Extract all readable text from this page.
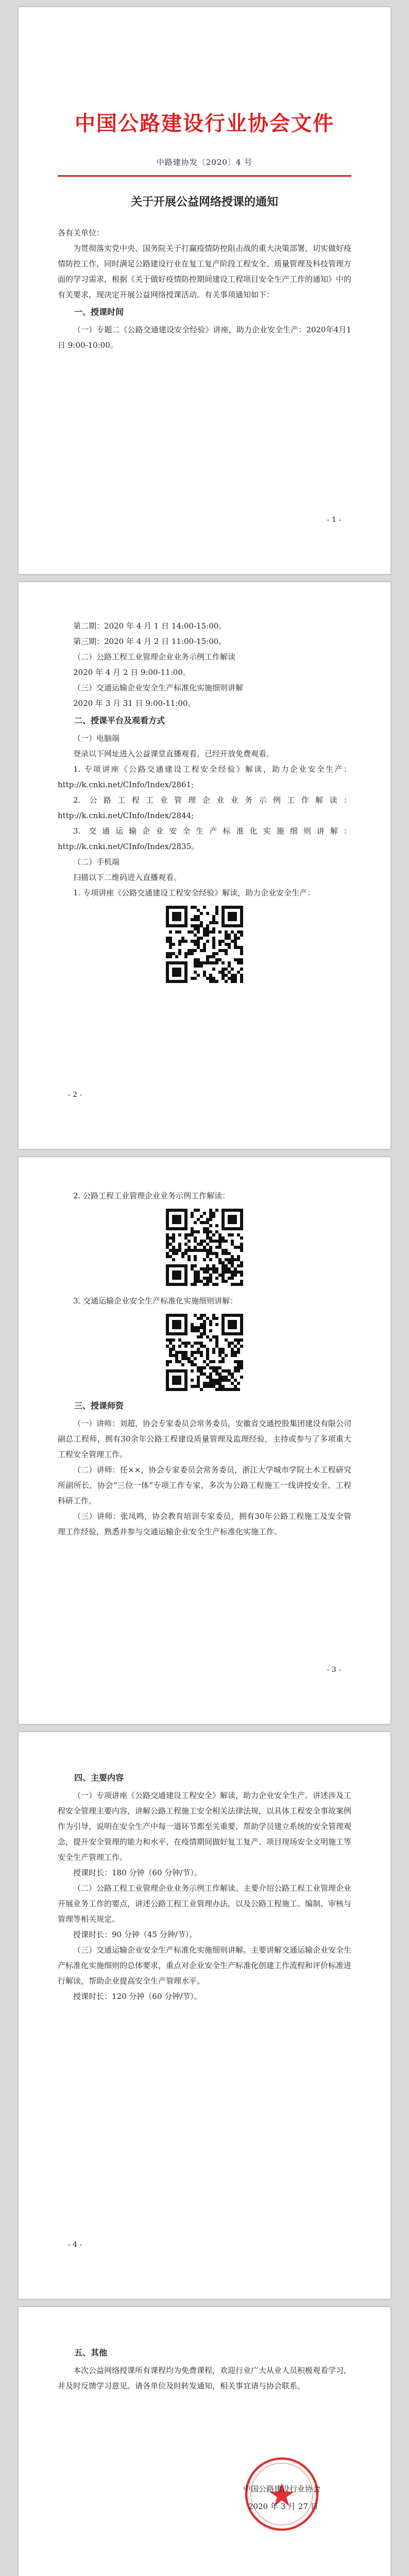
中国公路建设行业协会文件
中路建协发〔2020〕4 号
关于开展公益网络授课的通知

各有关单位：

为贯彻落实党中央、国务院关于打赢疫情防控阻击战的重大决策部署，切实做好疫情防控工作，同时满足公路建设行业在复工复产阶段工程安全、质量管理及科技管理方面的学习需求，根据《关于做好疫情防控期间建设工程项目安全生产工作的通知》中的有关要求，现决定开展公益网络授课活动。有关事项通知如下：

一、授课时间

（一）专题二《公路交通建设安全经验》讲座，助力企业安全生产：2020年4月1日 9:00-10:00。

- 1 -

第二期：2020 年 4 月 1 日 14:00-15:00。

第三期：2020 年 4 月 2 日 11:00-15:00。

（二）公路工程工业管理企业业务示例工作解读

2020 年 4 月 2 日 9:00-11:00。

（三）交通运输企业安全生产标准化实施细则讲解

2020 年 3 月 31 日 9:00-11:00。

二、授课平台及观看方式

（一）电脑端

登录以下网址进入公益课堂直播观看，已经开放免费观看。

1. 专项讲座《公路交通建设工程安全经验》解读，助力企业安全生产：http://k.cnki.net/CInfo/Index/2861;

2. 公路工程工业管理企业业务示例工作解读：http://k.cnki.net/CInfo/Index/2844;

3. 交通运输企业安全生产标准化实施细则讲解：http://k.cnki.net/CInfo/Index/2835。

（二）手机端

扫描以下二维码进入直播观看。

1. 专项讲座《公路交通建设工程安全经验》解读，助力企业安全生产：

- 2 -

2. 公路工程工业管理企业业务示例工作解读：

3. 交通运输企业安全生产标准化实施细则讲解：

三、授课师资

（一）讲师：刘超，协会专家委员会常务委员，安徽省交通控股集团建设有限公司副总工程师，拥有30余年公路工程建设质量管理及监理经验，主持或参与了多项重大工程安全管理工作。

（二）讲师：任××，协会专家委员会常务委员，浙江大学城市学院土木工程研究所副所长，协会“三位一体”专项工作专家，多次为公路工程施工一线讲授安全、工程科研工作。

（三）讲师：张凤鸣，协会教育培训专家委员，拥有30年公路工程施工及安全管理工作经验，熟悉并参与交通运输企业安全生产标准化实施工作。

- 3 -
四、主要内容

（一）专项讲座《公路交通建设工程安全》解读，助力企业安全生产。讲述涉及工程安全管理主要内容，讲解公路工程施工安全相关法律法规，以具体工程安全事故案例作为引导，说明在安全生产中每一道环节都至关重要，帮助学员建立系统的安全管理观念，提升安全管理的能力和水平，在疫情期间做好复工复产、项目现场安全文明施工等安全生产管理工作。

授课时长：180 分钟（60 分钟/节）。

（二）公路工程工业管理企业业务示例工作解读。主要介绍公路工程工业管理企业开展业务工作的要点，讲述公路工程工业管理办法，以及公路工程施工、编制、审核与管理等相关规定。

授课时长：90 分钟（45 分钟/节）。

（三）交通运输企业安全生产标准化实施细则讲解。主要讲解交通运输企业安全生产标准化实施细则的总体要求，重点对企业安全生产标准化创建工作流程和评价标准进行解读，帮助企业提高安全生产管理水平。

授课时长：120 分钟（60 分钟/节）。

- 4 -
五、其他

本次公益网络授课所有课程均为免费课程，欢迎行业广大从业人员积极观看学习，并及时反馈学习意见。请各单位及时转发通知，相关事宜请与协会联系。

中国公路建设行业协会
2020 年 3 月 27 日
